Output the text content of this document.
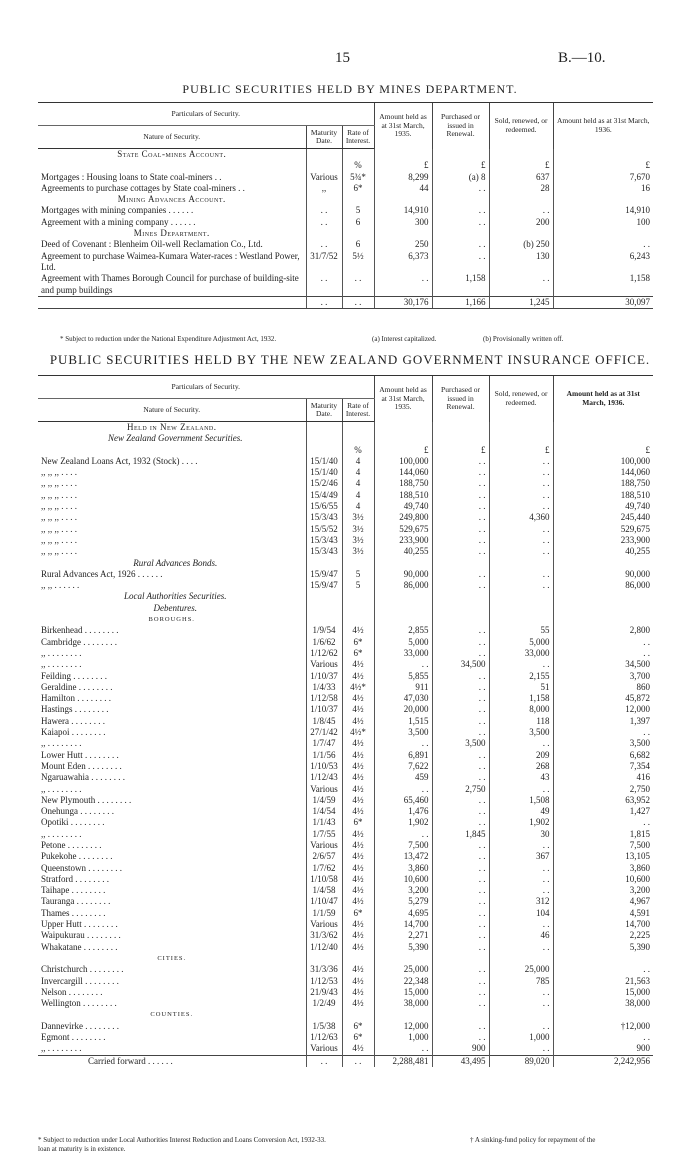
15	B.—10.
PUBLIC SECURITIES HELD BY MINES DEPARTMENT.
Particulars of Security.			Amount held as at 31st March, 1935.	Purchased or issued in Renewal.	Sold, renewed, or redeemed.	Amount held as at 31st March, 1936.
Nature of Security.	Maturity Date.	Rate of Interest.				
State Coal-mines Account.						
		%	£	£	£	£
Mortgages : Housing loans to State coal-miners . .	Various	5¾*	8,299	(a) 8	637	7,670
Agreements to purchase cottages by State coal-miners . .	,,	6*	44	. .	28	16
Mining Advances Account.						
Mortgages with mining companies . . . . . .	. .	5	14,910	. .	. .	14,910
Agreement with a mining company . . . . . .	. .	6	300	. .	200	100
Mines Department.						
Deed of Covenant : Blenheim Oil-well Reclamation Co., Ltd.	. .	6	250	. .	(b) 250	. .
Agreement to purchase Waimea-Kumara Water-races : Westland Power, Ltd.	31/7/52	5½	6,373	. .	130	6,243
Agreement with Thames Borough Council for purchase of building-site and pump buildings	. .	. .	. .	1,158	. .	1,158
	. .	. .	30,176	1,166	1,245	30,097
* Subject to reduction under the National Expenditure Adjustment Act, 1932.	(a) Interest capitalized.	(b) Provisionally written off.
PUBLIC SECURITIES HELD BY THE NEW ZEALAND GOVERNMENT INSURANCE OFFICE.
Particulars of Security.			Amount held as at 31st March, 1935.	Purchased or issued in Renewal.	Sold, renewed, or redeemed.	Amount held as at 31st March, 1936.
Nature of Security.	Maturity Date.	Rate of Interest.				
Held in New Zealand.						
New Zealand Government Securities.						
		%	£	£	£	£
New Zealand Loans Act, 1932 (Stock) . . . .	15/1/40	4	100,000	. .	. .	100,000
,, ,, ,, . . . .	15/1/40	4	144,060	. .	. .	144,060
,, ,, ,, . . . .	15/2/46	4	188,750	. .	. .	188,750
,, ,, ,, . . . .	15/4/49	4	188,510	. .	. .	188,510
,, ,, ,, . . . .	15/6/55	4	49,740	. .	. .	49,740
,, ,, ,, . . . .	15/3/43	3½	249,800	. .	4,360	245,440
,, ,, ,, . . . .	15/5/52	3½	529,675	. .	. .	529,675
,, ,, ,, . . . .	15/3/43	3½	233,900	. .	. .	233,900
,, ,, ,, . . . .	15/3/43	3½	40,255	. .	. .	40,255
Rural Advances Bonds.						
Rural Advances Act, 1926 . . . . . .	15/9/47	5	90,000	. .	. .	90,000
,, ,, . . . . . .	15/9/47	5	86,000	. .	. .	86,000
Local Authorities Securities.						
Debentures.						
BOROUGHS.						
Birkenhead . . . . . . . .	1/9/54	4½	2,855	. .	55	2,800
Cambridge . . . . . . . .	1/6/62	6*	5,000	. .	5,000	. .
,, . . . . . . . .	1/12/62	6*	33,000	. .	33,000	. .
,, . . . . . . . .	Various	4½	. .	34,500	. .	34,500
Feilding . . . . . . . .	1/10/37	4½	5,855	. .	2,155	3,700
Geraldine . . . . . . . .	1/4/33	4½*	911	. .	51	860
Hamilton . . . . . . . .	1/12/58	4½	47,030	. .	1,158	45,872
Hastings . . . . . . . .	1/10/37	4½	20,000	. .	8,000	12,000
Hawera . . . . . . . .	1/8/45	4½	1,515	. .	118	1,397
Kaiapoi . . . . . . . .	27/1/42	4½*	3,500	. .	3,500	. .
,, . . . . . . . .	1/7/47	4½	. .	3,500	. .	3,500
Lower Hutt . . . . . . . .	1/1/56	4½	6,891	. .	209	6,682
Mount Eden . . . . . . . .	1/10/53	4½	7,622	. .	268	7,354
Ngaruawahia . . . . . . . .	1/12/43	4½	459	. .	43	416
,, . . . . . . . .	Various	4½	. .	2,750	. .	2,750
New Plymouth . . . . . . . .	1/4/59	4½	65,460	. .	1,508	63,952
Onehunga . . . . . . . .	1/4/54	4½	1,476	. .	49	1,427
Opotiki . . . . . . . .	1/1/43	6*	1,902	. .	1,902	. .
,, . . . . . . . .	1/7/55	4½	. .	1,845	30	1,815
Petone . . . . . . . .	Various	4½	7,500	. .	. .	7,500
Pukekohe . . . . . . . .	2/6/57	4½	13,472	. .	367	13,105
Queenstown . . . . . . . .	1/7/62	4½	3,860	. .	. .	3,860
Stratford . . . . . . . .	1/10/58	4½	10,600	. .	. .	10,600
Taihape . . . . . . . .	1/4/58	4½	3,200	. .	. .	3,200
Tauranga . . . . . . . .	1/10/47	4½	5,279	. .	312	4,967
Thames . . . . . . . .	1/1/59	6*	4,695	. .	104	4,591
Upper Hutt . . . . . . . .	Various	4½	14,700	. .	. .	14,700
Waipukurau . . . . . . . .	31/3/62	4½	2,271	. .	46	2,225
Whakatane . . . . . . . .	1/12/40	4½	5,390	. .	. .	5,390
CITIES.						
Christchurch . . . . . . . .	31/3/36	4½	25,000	. .	25,000	. .
Invercargill . . . . . . . .	1/12/53	4½	22,348	. .	785	21,563
Nelson . . . . . . . .	21/9/43	4½	15,000	. .	. .	15,000
Wellington . . . . . . . .	1/2/49	4½	38,000	. .	. .	38,000
COUNTIES.						
Dannevirke . . . . . . . .	1/5/38	6*	12,000	. .	. .	†12,000
Egmont . . . . . . . .	1/12/63	6*	1,000	. .	1,000	. .
,, . . . . . . . .	Various	4½	. .	900	. .	900
Carried forward . . . . . .	. .	. .	2,288,481	43,495	89,020	2,242,956
* Subject to reduction under Local Authorities Interest Reduction and Loans Conversion Act, 1932-33.
loan at maturity is in existence.
† A sinking-fund policy for repayment of the
